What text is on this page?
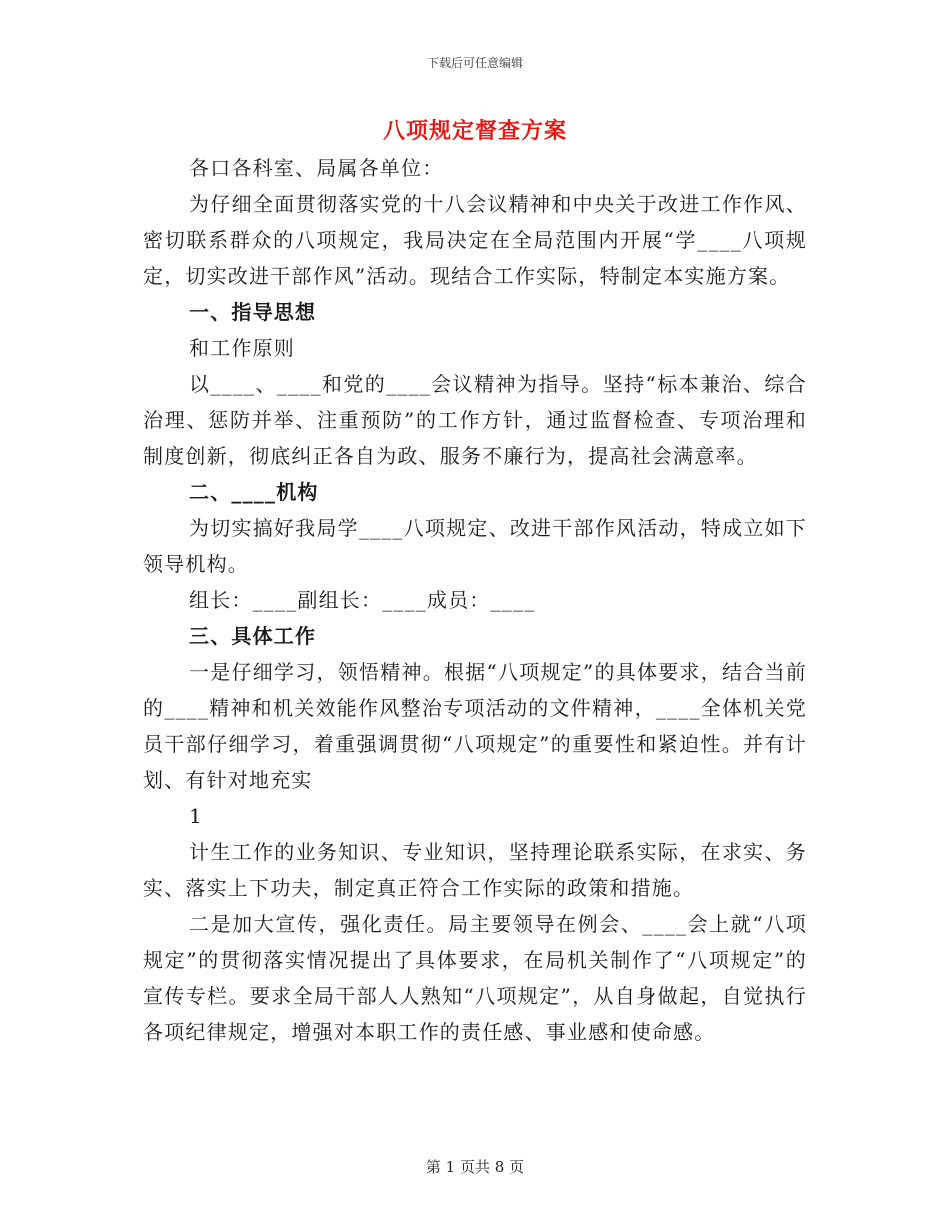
下载后可任意编辑
八项规定督查方案

各口各科室、局属各单位：

为仔细全面贯彻落实党的十八会议精神和中央关于改进工作作风、密切联系群众的八项规定，我局决定在全局范围内开展“学____八项规定，切实改进干部作风”活动。现结合工作实际，特制定本实施方案。

一、指导思想

和工作原则

以____、____和党的____会议精神为指导。坚持“标本兼治、综合治理、惩防并举、注重预防”的工作方针，通过监督检查、专项治理和制度创新，彻底纠正各自为政、服务不廉行为，提高社会满意率。

二、____机构

为切实搞好我局学____八项规定、改进干部作风活动，特成立如下领导机构。

组长：____副组长：____成员：____

三、具体工作

一是仔细学习，领悟精神。根据“八项规定”的具体要求，结合当前的____精神和机关效能作风整治专项活动的文件精神，____全体机关党员干部仔细学习，着重强调贯彻“八项规定”的重要性和紧迫性。并有计划、有针对地充实

1

计生工作的业务知识、专业知识，坚持理论联系实际，在求实、务实、落实上下功夫，制定真正符合工作实际的政策和措施。

二是加大宣传，强化责任。局主要领导在例会、____会上就“八项规定”的贯彻落实情况提出了具体要求，在局机关制作了“八项规定”的宣传专栏。要求全局干部人人熟知“八项规定”，从自身做起，自觉执行各项纪律规定，增强对本职工作的责任感、事业感和使命感。

第 1 页共 8 页
